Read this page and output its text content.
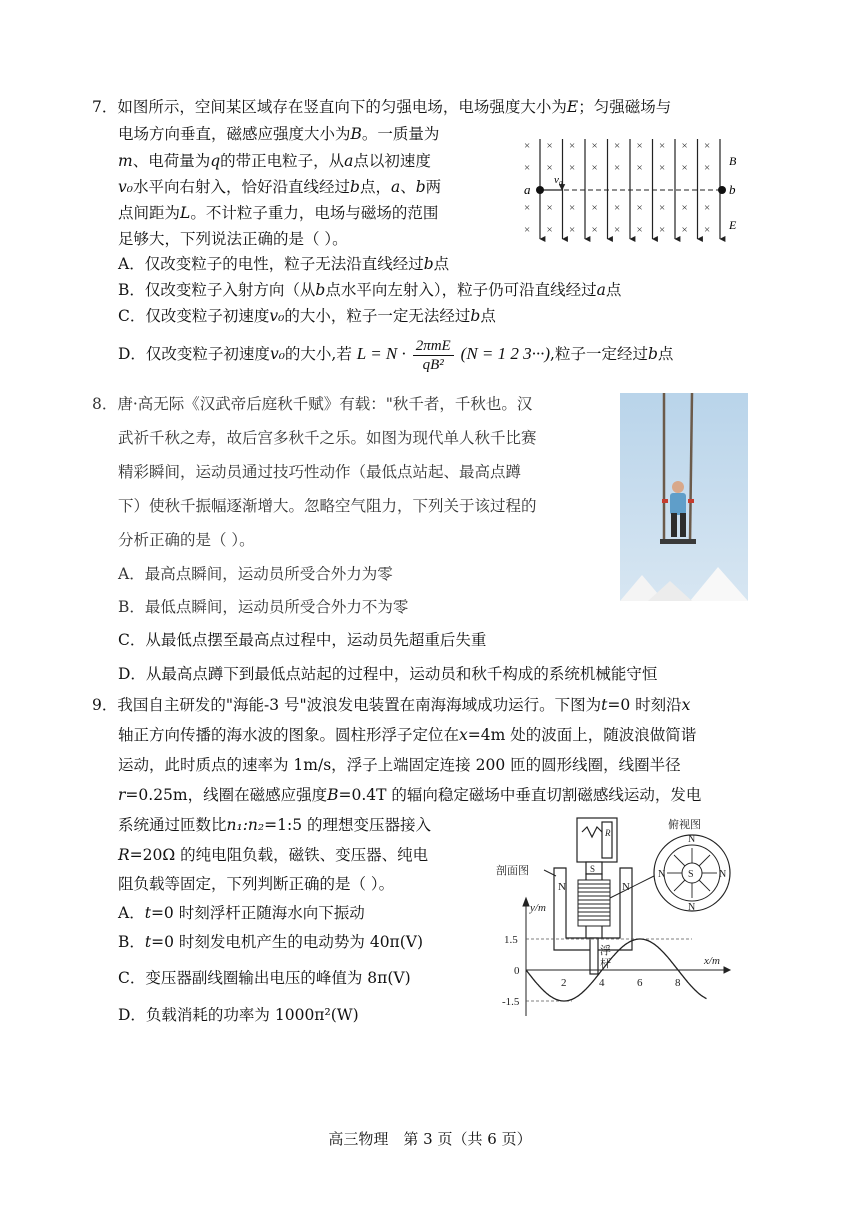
7．如图所示，空间某区域存在竖直向下的匀强电场，电场强度大小为E；匀强磁场与
电场方向垂直，磁感应强度大小为B。一质量为
m、电荷量为q的带正电粒子，从a点以初速度
v₀水平向右射入，恰好沿直线经过b点，a、b两
点间距为L。不计粒子重力，电场与磁场的范围
足够大，下列说法正确的是（ ）。
× × × × × × × × ×
× × × × × × × × ×
× × × × × × × × ×
× × × × × × × × ×
a	b
v₀
B
E
A．仅改变粒子的电性，粒子无法沿直线经过b点
B．仅改变粒子入射方向（从b点水平向左射入），粒子仍可沿直线经过a点
C．仅改变粒子初速度v₀的大小，粒子一定无法经过b点
D．仅改变粒子初速度v₀的大小,若 $L = N \cdot \frac{\text{2πmE}}{\text{qB²}} (N = 1$ 2 3···),粒子一定经过b点
8．唐·高无际《汉武帝后庭秋千赋》有载："秋千者，千秋也。汉
武祈千秋之寿，故后宫多秋千之乐。如图为现代单人秋千比赛
精彩瞬间，运动员通过技巧性动作（最低点站起、最高点蹲
下）使秋千振幅逐渐增大。忽略空气阻力，下列关于该过程的
分析正确的是（ ）。
A．最高点瞬间，运动员所受合外力为零
B．最低点瞬间，运动员所受合外力不为零
C．从最低点摆至最高点过程中，运动员先超重后失重
D．从最高点蹲下到最低点站起的过程中，运动员和秋千构成的系统机械能守恒
9．我国自主研发的"海能-3 号"波浪发电装置在南海海域成功运行。下图为t=0 时刻沿x
轴正方向传播的海水波的图象。圆柱形浮子定位在x=4m 处的波面上，随波浪做简谐
运动，此时质点的速率为 1m/s，浮子上端固定连接 200 匝的圆形线圈，线圈半径
r=0.25m，线圈在磁感应强度B=0.4T 的辐向稳定磁场中垂直切割磁感线运动，发电
系统通过匝数比n₁:n₂=1:5 的理想变压器接入
R=20Ω 的纯电阻负载，磁铁、变压器、纯电
阻负载等固定，下列判断正确的是（ ）。
A．t=0 时刻浮杆正随海水向下振动
B．t=0 时刻发电机产生的电动势为 40π(V)
C．变压器副线圈输出电压的峰值为 8π(V)
D．负载消耗的功率为 1000π²(W)
R
N	N
S
浮
杆
剖面图
俯视图
S
N
N
N	N
y/m
x/m
1.5
0
-1.5
2	4	6	8
高三物理　第 3 页（共 6 页）
